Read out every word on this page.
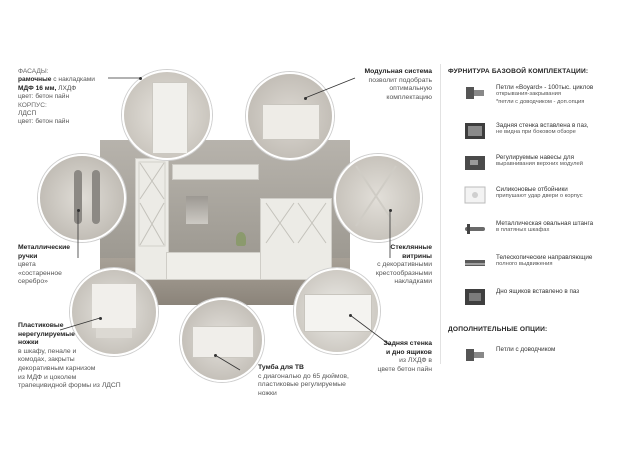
ФАСАДЫ:
рамочные с накладками
МДФ 16 мм, ЛХДФ
цвет: бетон пайн
КОРПУС:
ЛДСП
цвет: бетон пайн
Модульная система
позволит подобрать
оптимальную
комплектацию
Металлические
ручки
цвета
«состаренное
серебро»
Стеклянные
витрины
с декоративными
крестообразными
накладками
Пластиковые
нерегулируемые
ножки
в шкафу, пенале и
комодах, закрыты
декоративным карнизом
из МДФ и цоколем
трапецивидной формы из ЛДСП
Тумба для ТВ
с диагональю до 65 дюймов,
пластиковые регулируемые
ножки
Задняя стенка
и дно ящиков
из ЛХДФ в
цвете бетон пайн
ФУРНИТУРА БАЗОВОЙ КОМПЛЕКТАЦИИ:
Петли «Boyard» - 100тыс. циклов
открывания-закрывания
*петли с доводчиком - доп.опция
Задняя стенка вставлена в паз,
не видна при боковом обзоре
Регулируемые навесы для
выравнивания верхних модулей
Силиконовые отбойники
припушают удар двери о корпус
Металлическая овальная штанга
в платяных шкафах
Телескопические направляющие
полного выдвижения
Дно ящиков вставлено в паз
ДОПОЛНИТЕЛЬНЫЕ ОПЦИИ:
Петли с доводчиком
